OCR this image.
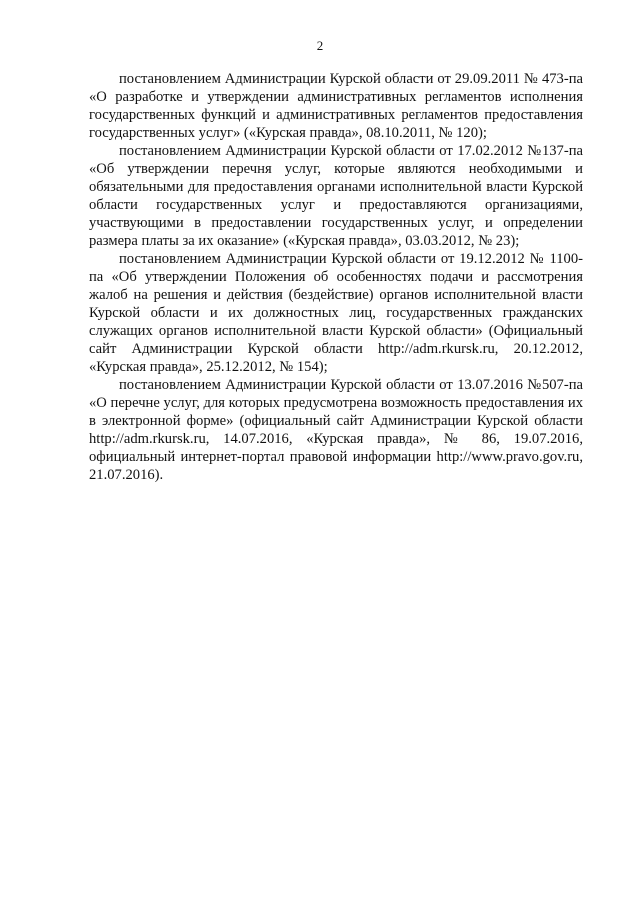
2

постановлением Администрации Курской области от 29.09.2011 № 473-па «О разработке и утверждении административных регламентов исполнения государственных функций и административных регламентов предоставления государственных услуг» («Курская правда», 08.10.2011, № 120);

постановлением Администрации Курской области от 17.02.2012 №137-па «Об утверждении перечня услуг, которые являются необходимыми и обязательными для предоставления органами исполнительной власти Курской области государственных услуг и предоставляются организациями, участвующими в предоставлении государственных услуг, и определении размера платы за их оказание» («Курская правда», 03.03.2012, № 23);

постановлением Администрации Курской области от 19.12.2012 № 1100-па «Об утверждении Положения об особенностях подачи и рассмотрения жалоб на решения и действия (бездействие) органов исполнительной власти Курской области и их должностных лиц, государственных гражданских служащих органов исполнительной власти Курской области» (Официальный сайт Администрации Курской области http://adm.rkursk.ru, 20.12.2012, «Курская правда», 25.12.2012, № 154);

постановлением Администрации Курской области от 13.07.2016 №507-па «О перечне услуг, для которых предусмотрена возможность предоставления их в электронной форме» (официальный сайт Администрации Курской области http://adm.rkursk.ru, 14.07.2016, «Курская правда», № 86, 19.07.2016, официальный интернет-портал правовой информации http://www.pravo.gov.ru, 21.07.2016).
